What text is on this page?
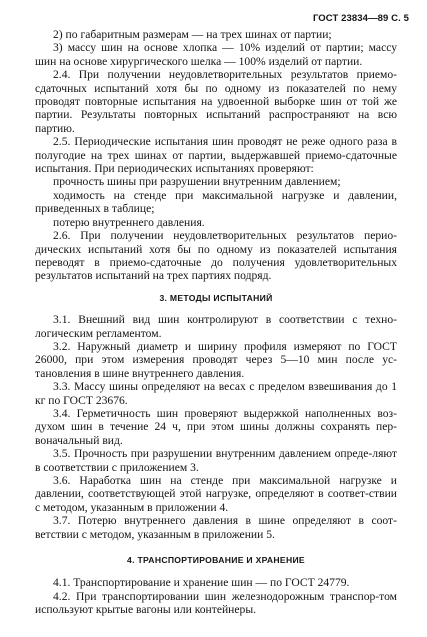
ГОСТ 23834—89 С. 5

2) по габаритным размерам — на трех шинах от партии;

3) массу шин на основе хлопка — 10% изделий от партии; массу шин на основе хирургического шелка — 100% изделий от партии.

2.4. При получении неудовлетворительных результатов приемо-сдаточных испытаний хотя бы по одному из показателей по нему проводят повторные испытания на удвоенной выборке шин от той же партии. Результаты повторных испытаний распространяют на всю партию.

2.5. Периодические испытания шин проводят не реже одного раза в полугодие на трех шинах от партии, выдержавшей приемо-сдаточные испытания. При периодических испытаниях проверяют:

прочность шины при разрушении внутренним давлением;

ходимость на стенде при максимальной нагрузке и давлении, приведенных в таблице;

потерю внутреннего давления.

2.6. При получении неудовлетворительных результатов перио-дических испытаний хотя бы по одному из показателей испытания переводят в приемо-сдаточные до получения удовлетворительных результатов испытаний на трех партиях подряд.

3. МЕТОДЫ ИСПЫТАНИЙ

3.1. Внешний вид шин контролируют в соответствии с техно-логическим регламентом.

3.2. Наружный диаметр и ширину профиля измеряют по ГОСТ 26000, при этом измерения проводят через 5—10 мин после ус-тановления в шине внутреннего давления.

3.3. Массу шины определяют на весах с пределом взвешивания до 1 кг по ГОСТ 23676.

3.4. Герметичность шин проверяют выдержкой наполненных воз-духом шин в течение 24 ч, при этом шины должны сохранять пер-воначальный вид.

3.5. Прочность при разрушении внутренним давлением опреде-ляют в соответствии с приложением 3.

3.6. Наработка шин на стенде при максимальной нагрузке и давлении, соответствующей этой нагрузке, определяют в соответ-ствии с методом, указанным в приложении 4.

3.7. Потерю внутреннего давления в шине определяют в соот-ветствии с методом, указанным в приложении 5.

4. ТРАНСПОРТИРОВАНИЕ И ХРАНЕНИЕ

4.1. Транспортирование и хранение шин — по ГОСТ 24779.

4.2. При транспортировании шин железнодорожным транспор-том используют крытые вагоны или контейнеры.
